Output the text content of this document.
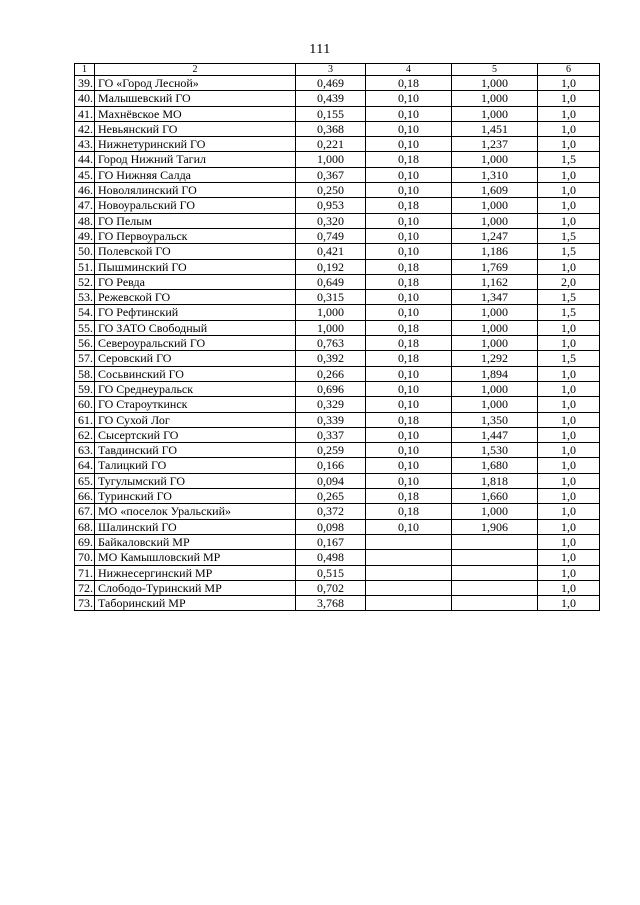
111
1	2	3	4	5	6
39.	ГО «Город Лесной»	0,469	0,18	1,000	1,0
40.	Малышевский ГО	0,439	0,10	1,000	1,0
41.	Махнёвское МО	0,155	0,10	1,000	1,0
42.	Невьянский ГО	0,368	0,10	1,451	1,0
43.	Нижнетуринский ГО	0,221	0,10	1,237	1,0
44.	Город Нижний Тагил	1,000	0,18	1,000	1,5
45.	ГО Нижняя Салда	0,367	0,10	1,310	1,0
46.	Новолялинский ГО	0,250	0,10	1,609	1,0
47.	Новоуральский ГО	0,953	0,18	1,000	1,0
48.	ГО Пелым	0,320	0,10	1,000	1,0
49.	ГО Первоуральск	0,749	0,10	1,247	1,5
50.	Полевской ГО	0,421	0,10	1,186	1,5
51.	Пышминский ГО	0,192	0,18	1,769	1,0
52.	ГО Ревда	0,649	0,18	1,162	2,0
53.	Режевской ГО	0,315	0,10	1,347	1,5
54.	ГО Рефтинский	1,000	0,10	1,000	1,5
55.	ГО ЗАТО Свободный	1,000	0,18	1,000	1,0
56.	Североуральский ГО	0,763	0,18	1,000	1,0
57.	Серовский ГО	0,392	0,18	1,292	1,5
58.	Сосьвинский ГО	0,266	0,10	1,894	1,0
59.	ГО Среднеуральск	0,696	0,10	1,000	1,0
60.	ГО Староуткинск	0,329	0,10	1,000	1,0
61.	ГО Сухой Лог	0,339	0,18	1,350	1,0
62.	Сысертский ГО	0,337	0,10	1,447	1,0
63.	Тавдинский ГО	0,259	0,10	1,530	1,0
64.	Талицкий ГО	0,166	0,10	1,680	1,0
65.	Тугулымский ГО	0,094	0,10	1,818	1,0
66.	Туринский ГО	0,265	0,18	1,660	1,0
67.	МО «поселок Уральский»	0,372	0,18	1,000	1,0
68.	Шалинский ГО	0,098	0,10	1,906	1,0
69.	Байкаловский МР	0,167			1,0
70.	МО Камышловский МР	0,498			1,0
71.	Нижнесергинский МР	0,515			1,0
72.	Слободо-Туринский МР	0,702			1,0
73.	Таборинский МР	3,768			1,0
